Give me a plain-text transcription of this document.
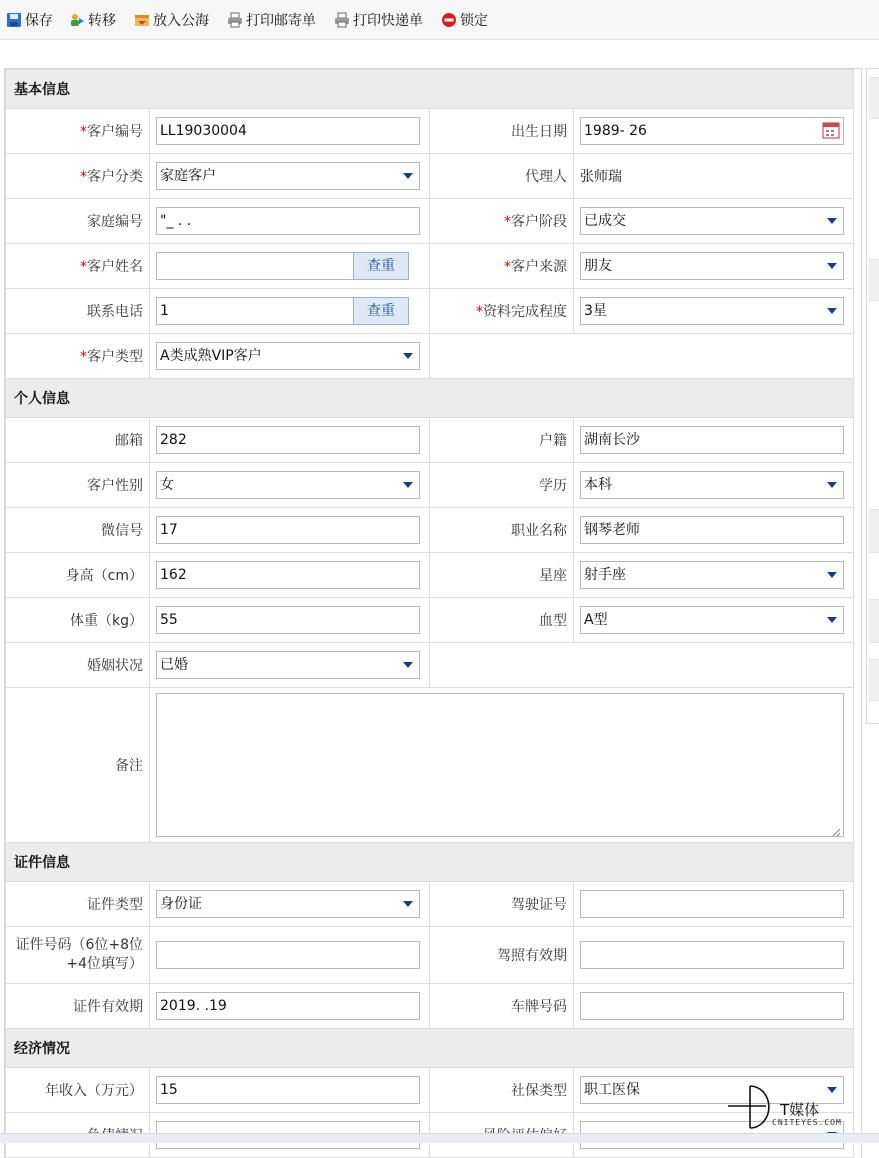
保存	转移	放入公海	打印邮寄单	打印快递单	锁定
基本信息			
*客户编号	LL19030004	出生日期	1989- 26

*客户分类	家庭客户	代理人	张师瑞
家庭编号	"_ . .	*客户阶段	已成交

*客户姓名	查重	*客户来源	朋友

联系电话	1 查重	*资料完成程度	3星

*客户类型	A类成熟VIP客户		

个人信息			
邮箱	282	户籍	湖南长沙

客户性别	女	学历	本科

微信号	17	职业名称	钢琴老师

身高（cm）	162	星座	射手座

体重（kg）	55	血型	A型

婚姻状况	已婚		

备注	

证件信息			
证件类型	身份证	驾驶证号	

证件号码（6位+8位+4位填写）		驾照有效期	

证件有效期	2019. .19	车牌号码	

经济情况			
年收入（万元）	15	社保类型	职工医保

T媒体
CNITEYES.COM
